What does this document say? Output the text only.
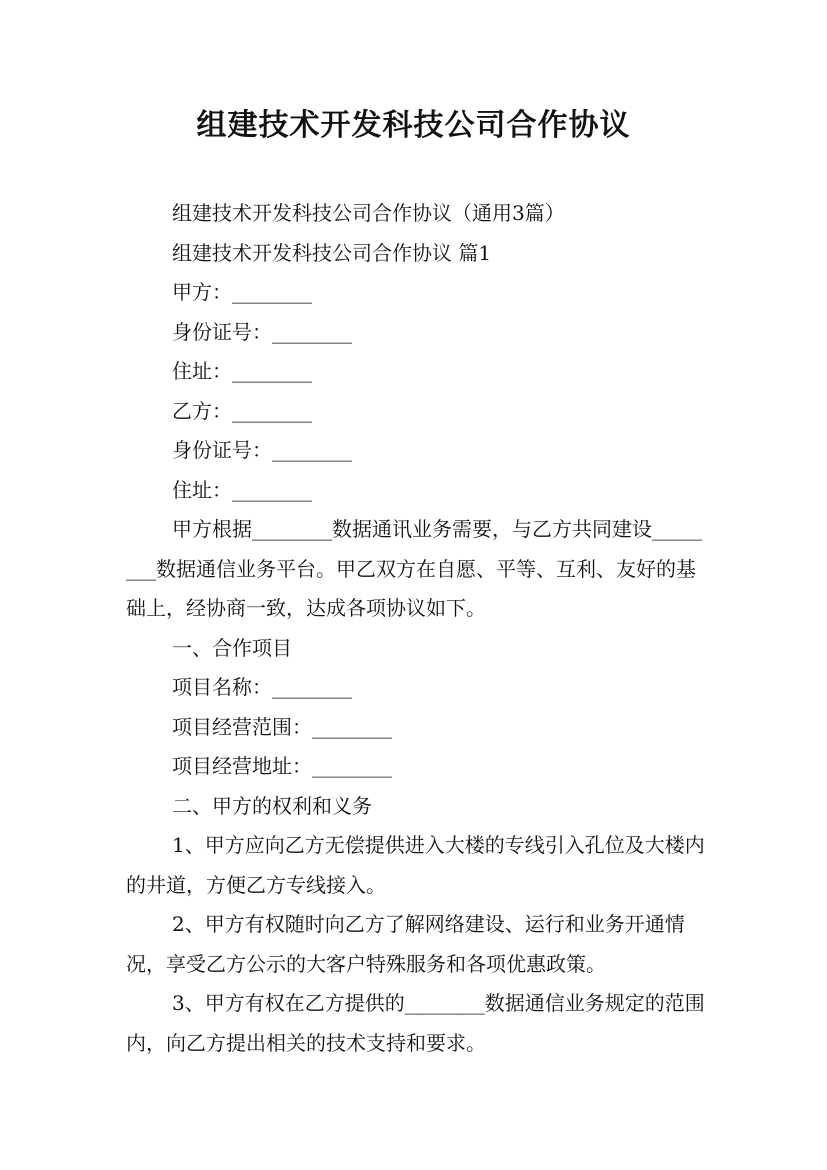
组建技术开发科技公司合作协议

组建技术开发科技公司合作协议（通用3篇）

组建技术开发科技公司合作协议 篇1

甲方：________

身份证号：________

住址：________

乙方：________

身份证号：________

住址：________

甲方根据________数据通讯业务需要，与乙方共同建设________数据通信业务平台。甲乙双方在自愿、平等、互利、友好的基础上，经协商一致，达成各项协议如下。

一、合作项目

项目名称：________

项目经营范围：________

项目经营地址：________

二、甲方的权利和义务

1、甲方应向乙方无偿提供进入大楼的专线引入孔位及大楼内的井道，方便乙方专线接入。

2、甲方有权随时向乙方了解网络建设、运行和业务开通情况，享受乙方公示的大客户特殊服务和各项优惠政策。

3、甲方有权在乙方提供的________数据通信业务规定的范围内，向乙方提出相关的技术支持和要求。
